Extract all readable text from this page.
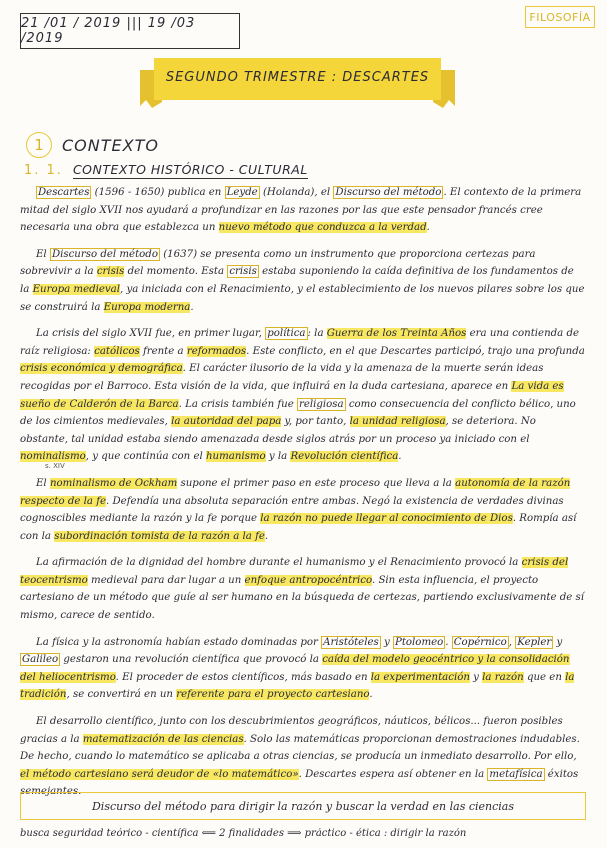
21 /01 / 2019 ||| 19 /03 /2019
FILOSOFÍA
SEGUNDO TRIMESTRE : DESCARTES
1	CONTEXTO
1. 1. CONTEXTO HISTÓRICO - CULTURAL

Descartes (1596 - 1650) publica en Leyde (Holanda), el Discurso del método . El contexto de la primera mitad del siglo XVII nos ayudará a profundizar en las razones por las que este pensador francés cree necesaria una obra que establezca un nuevo método que conduzca a la verdad.

El Discurso del método (1637) se presenta como un instrumento que proporciona certezas para sobrevivir a la crisis del momento. Esta crisis estaba suponiendo la caída definitiva de los fundamentos de la Europa medieval, ya iniciada con el Renacimiento, y el establecimiento de los nuevos pilares sobre los que se construirá la Europa moderna.

La crisis del siglo XVII fue, en primer lugar, política : la Guerra de los Treinta Años era una contienda de raíz religiosa: católicos frente a reformados. Este conflicto, en el que Descartes participó, trajo una profunda crisis económica y demográfica. El carácter ilusorio de la vida y la amenaza de la muerte serán ideas recogidas por el Barroco. Esta visión de la vida, que influirá en la duda cartesiana, aparece en La vida es sueño de Calderón de la Barca. La crisis también fue religiosa como consecuencia del conflicto bélico, uno de los cimientos medievales, la autoridad del papa y, por tanto, la unidad religiosa, se deteriora. No obstante, tal unidad estaba siendo amenazada desde siglos atrás por un proceso ya iniciado con el nominalismo, y que continúa con el humanismo y la Revolución científica.

El nominalismo de Ockham supone el primer paso en este proceso que lleva a la autonomía de la razón respecto de la fe. Defendía una absoluta separación entre ambas. Negó la existencia de verdades divinas cognoscibles mediante la razón y la fe porque la razón no puede llegar al conocimiento de Dios. Rompía así con la subordinación tomista de la razón a la fe.

La afirmación de la dignidad del hombre durante el humanismo y el Renacimiento provocó la crisis del teocentrismo medieval para dar lugar a un enfoque antropocéntrico. Sin esta influencia, el proyecto cartesiano de un método que guíe al ser humano en la búsqueda de certezas, partiendo exclusivamente de sí mismo, carece de sentido.

La física y la astronomía habían estado dominadas por Aristóteles y Ptolomeo . Copérnico , Kepler y Galileo gestaron una revolución científica que provocó la caída del modelo geocéntrico y la consolidación del heliocentrismo. El proceder de estos científicos, más basado en la experimentación y la razón que en la tradición, se convertirá en un referente para el proyecto cartesiano.

El desarrollo científico, junto con los descubrimientos geográficos, náuticos, bélicos... fueron posibles gracias a la matematización de las ciencias. Solo las matemáticas proporcionan demostraciones indudables. De hecho, cuando lo matemático se aplicaba a otras ciencias, se producía un inmediato desarrollo. Por ello, el método cartesiano será deudor de «lo matemático». Descartes espera así obtener en la metafísica éxitos semejantes.

s. XIV
Discurso del método para dirigir la razón y buscar la verdad en las ciencias
busca seguridad teórico - científica ⟸ 2 finalidades ⟹ práctico - ética : dirigir la razón
